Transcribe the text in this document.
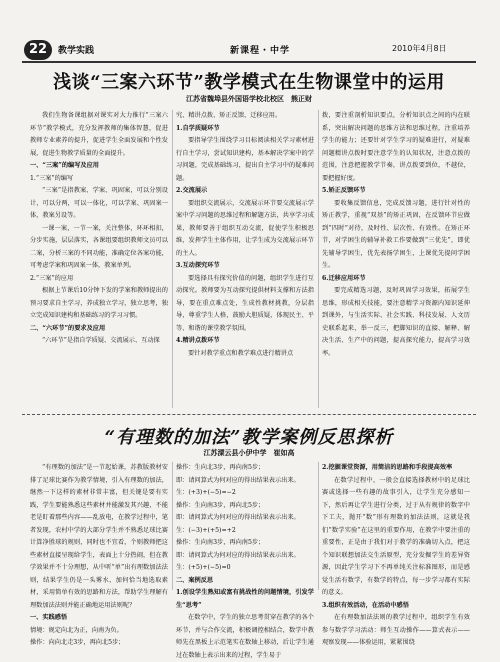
22	教学实践	新课程・中学	2010年4月8日
浅谈“三案六环节”教学模式在生物课堂中的运用
江苏省魏埠县外国语学校北校区　熊正财

我们生物备课组据对课实对大力推行“三案六环节”教学模式，充分发挥教师的集体智慧，促进教师专业素养的提升，促进学生全面发展和个性发展，促进生物教学质量的全面提升。

一、“三案”的编写及应用

1.“三案”的编写

“三案”是指教案、学案、巩固案，可以分别设计，可以分两，可以一体化，可以学案、巩固案一体，教案另设等。

一课一案，一节一案，关注整体，环环相扣，分步实施，层层落实，各课组要组织教师文员可以二案，分析三案的不同功能，准确定位各案功能，可考虑学案和巩固案一体，教案单列。

2.“三案”的应用

根据上节课后10分钟下发的学案和教师提出的预习要求自主学习，养成独立学习，独立思考，独立完成知识建构和基础练习的学习习惯。

二、“六环节”的要求及应用

“六环节”是指自学质疑、交流展示、互动探

究、精讲点拨、矫正反馈、迁移应用。

1.自学质疑环节

要指导学生围绕学习目标阅读相关学习素材进行自主学习，尝试知识建构，基本解决学案中的学习问题，完成基础练习，提出自主学习中的疑难问题。

2.交流展示

要组织交流展示，交流展示环节要交流展示学案中学习问题的思维过程和解题方法，共享学习成果，教师要善于组织互动交流，促使学生积极思维，发挥学生主体作用，让学生成为交流展示环节的主人。

3.互动探究环节

要选择具有探究价值的问题，组织学生进行互动探究。教师要为互动探究提供材料支撑和方法指导，要在重点难点处，生成性教材挑教，分层指导，尊重学生人格，鼓励大胆质疑，体现民主、平等、和谐的课堂教学氛围。

4.精讲点拨环节

要针对教学重点和教学难点进行精讲点

拨，要注重剖析知识要点，分析知识点之间的内在联系，突出解决问题的思维方法和思维过程，注重培养学生的能力；还要针对学生学习的疑难进行，对疑难问题精讲点拨时要注意学生的认知状况，注意点拨的范围，注意把握教学节奏，讲点拨要到位，不越位，要把握好度。

5.矫正反馈环节

要收集反馈信息，完成反馈习题，进行针对性的矫正教学，重视“双基”的矫正巩固，在反馈环节应做到“四时”对待，及时性、层次性、有效性。在矫正环节，对学困生的辅导补救工作要做到“三优先”，即优先辅导学困生，优先表扬学困生，上课优先提问学困生。

6.迁移应用环节

要完成精选习题，及时巩固学习效果，拓展学生思维，形成相关技能，要注意精学习资源内知识延伸到课外，与生活实际、社会实践、科技发展、人文历史联系起来，举一反三，把脚知识的直接、解释、解决生活、生产中的问题，提高探究能力，提高学习效率。

“有理数的加法”教学案例反思探析
江苏溧云县小伊中学　崔如高

“有理数的加法”是一节起始课，苏教版教材安排了足球比赛作为教学情境，引入有理数的加法，继然一下这样的素材非常丰富，但关键是要有实践，学生要能熟悉这些素材并能激发其兴趣，不能老是盯着那些内容——乱放电，在教学过程中，笔者发现，农村中学的大部分学生并不熟悉足球比赛计算净胜球的规则，同时也不宜看，个则教师把这些素材直接呈现给学生，表面上十分热闹，但在教学效果并不十分理想，从中听“单”出有理数加法法则，结果学生仍是一头雾水，加何恰当地选取素材，采用简单有效的思路和方法，帮助学生理解有理数加法法则并能正确地运用法则呢？

一、实践感悟

情境：规定向北为正，向南为负。

操作：向向北走3步，再向北5步；

操作：生向北3步，再向南5步；

即：请问算式为何对应的得出结果表示出来。

生：(+3)+(−5)=−2

操作：生向南3步，再向北5步；

即：请问算式为何对应的得出结果表示出来。

生：(−3)+(+5)=+2

操作：生向南3步，再向南5步；

即：请问算式为何对应的得出结果表示出来。

生：(+5)+(−5)=0

二、案例反思

1.创设学生熟知或富有挑战性的问题情境，引发学生“思考”

在数学中，学生的独立思考贯穿在教学的各个环节，并与合作交流，积极调控相结合，数学中教师先在黑板上示范笔实在数轴上移动，后让学生通过在数轴上表示出来的过程，学生易于

2.挖掘课堂资源，用简洁的思路和手段提高效率

在数学过程中，一般会直接选择教材中的足球比赛或选择一些有趣的故事引入，让学生充分感知一下，然后再让学生进行分类，过于从有规律的数字中下工夫，抛开“数”形有理数的加法法则，这就是我们“数学实验”在这里的重要作用，在教学中要注重的重要性，正是由于我们对于教学的准确切入点，把这个知识联想加法交生活原型，充分发掘学生的差异资源，因此学生学习下不再单纯关注标准图形，而是感觉生活有数学，有数学的特点，每一步学习都有实际的意义。

3.组织有效活动，在活动中感悟

在有理数加法法则的教学过程中，组织学生有效参与数学学习活动：师生互动操作——算式表示——观察发现——体验运用，紧紧围绕
